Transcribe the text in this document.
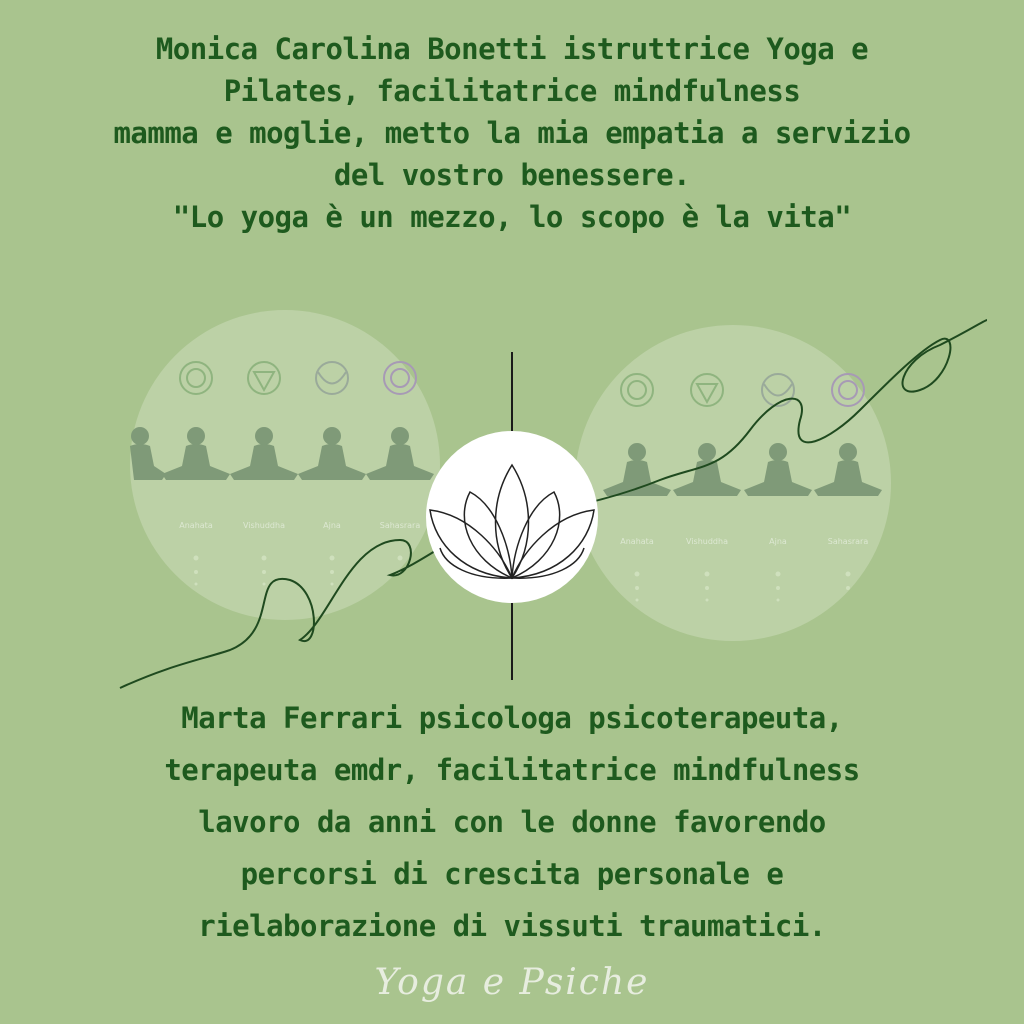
Monica Carolina Bonetti istruttrice Yoga e
Pilates, facilitatrice mindfulness
mamma e moglie, metto la mia empatia a servizio
del vostro benessere.
"Lo yoga è un mezzo, lo scopo è la vita"
Anahata	Vishuddha	Ajna	Sahasrara
Anahata	Vishuddha	Ajna	Sahasrara
Marta Ferrari psicologa psicoterapeuta,
terapeuta emdr, facilitatrice mindfulness
lavoro da anni con le donne favorendo
percorsi di crescita personale e
rielaborazione di vissuti traumatici.
Yoga e Psiche
